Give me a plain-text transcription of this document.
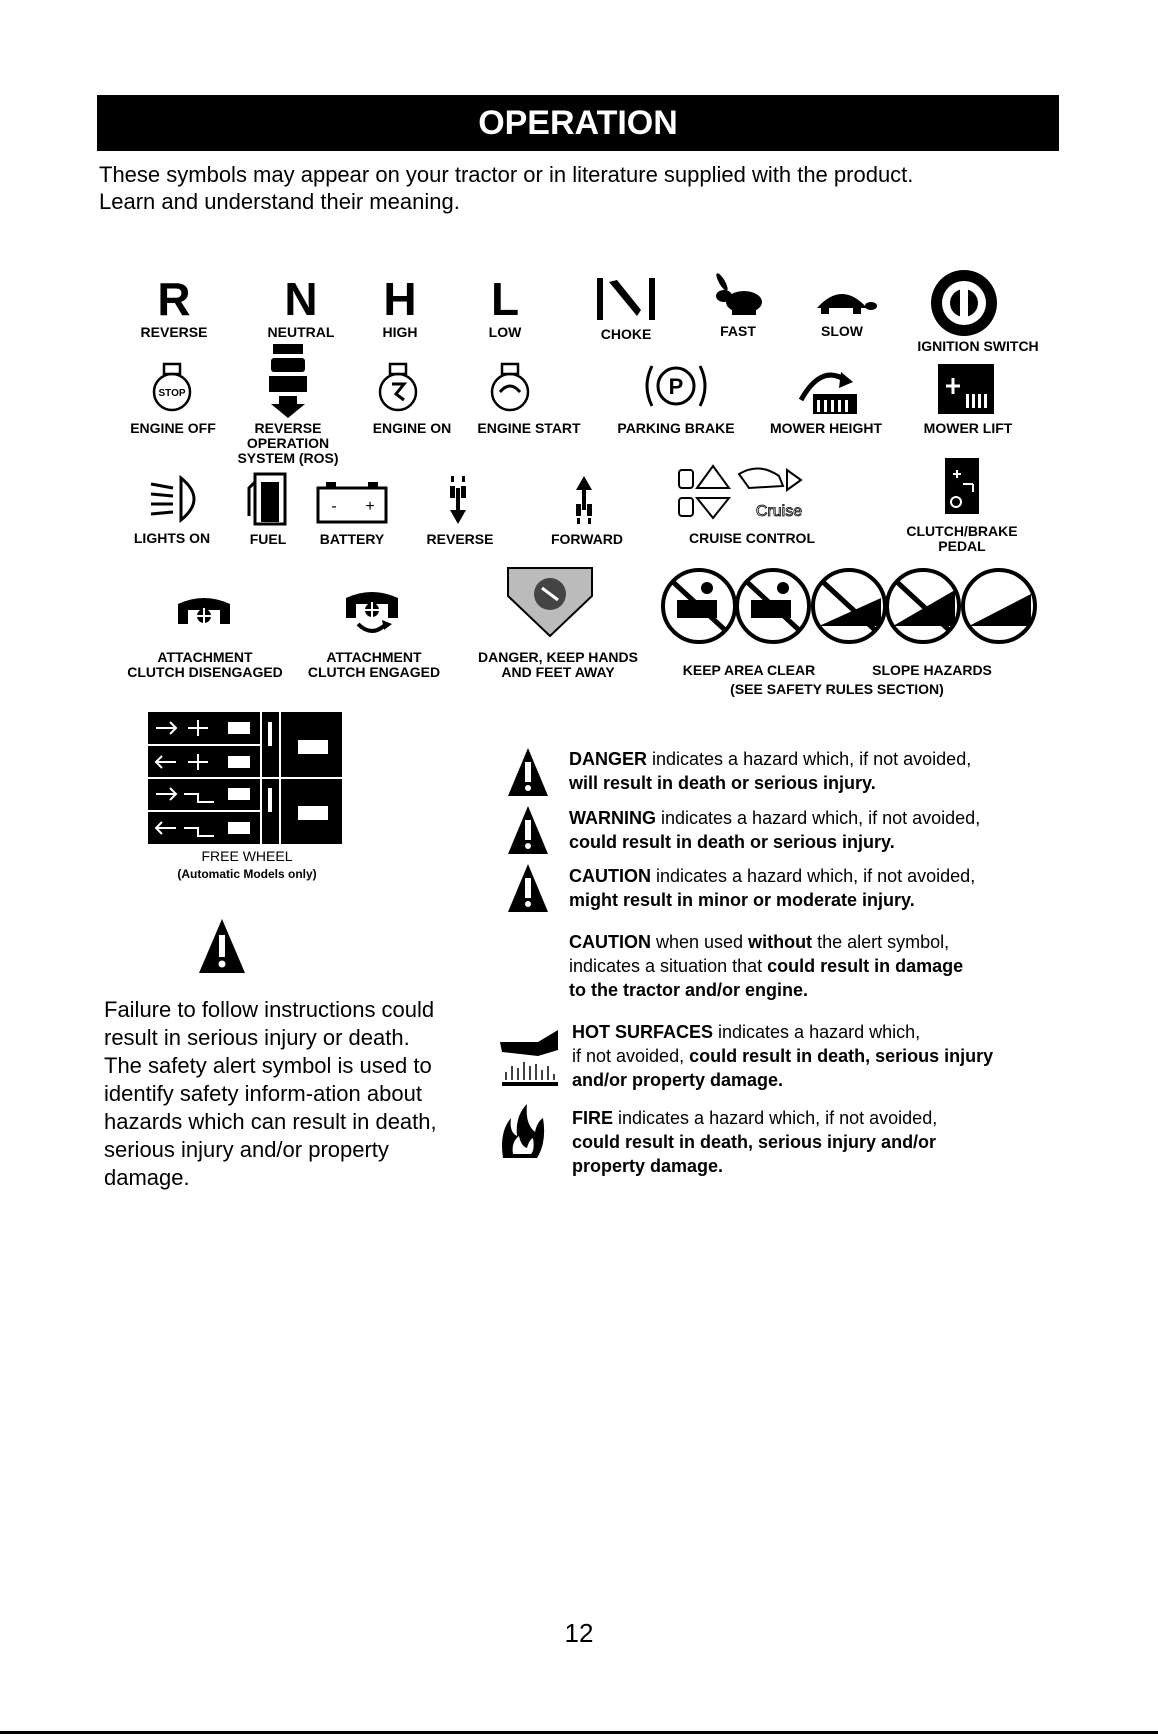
OPERATION
These symbols may appear on your tractor or in literature supplied with the product.
Learn and understand their meaning.
R
REVERSE
N
NEUTRAL
H
HIGH
L
LOW	CHOKE	FAST	SLOW
IGNITION SWITCH
STOP
ENGINE OFF	REVERSE
OPERATION
SYSTEM (ROS)
ENGINE ON ENGINE START
P
PARKING BRAKE	MOWER HEIGHT	MOWER LIFT
LIGHTS ON	FUEL
- +
BATTERY	REVERSE	FORWARD
Cruise
CRUISE CONTROL	CLUTCH/BRAKE
PEDAL
ATTACHMENT
CLUTCH DISENGAGED
ATTACHMENT
CLUTCH ENGAGED
DANGER, KEEP HANDS
AND FEET AWAY	KEEP AREA CLEAR	SLOPE HAZARDS
(SEE SAFETY RULES SECTION)
FREE WHEEL
(Automatic Models only)
Failure to follow instructions could result in serious injury or death. The safety alert symbol is used to identify safety inform-ation about hazards which can result in death, serious injury and/or property damage.
DANGER indicates a hazard which, if not avoided,
will result in death or serious injury.
WARNING indicates a hazard which, if not avoided,
could result in death or serious injury.
CAUTION indicates a hazard which, if not avoided,
might result in minor or moderate injury.
CAUTION when used without the alert symbol,
indicates a situation that could result in damage
to the tractor and/or engine.
HOT SURFACES indicates a hazard which,
if not avoided, could result in death, serious injury
and/or property damage.
FIRE indicates a hazard which, if not avoided,
could result in death, serious injury and/or
property damage.
12
